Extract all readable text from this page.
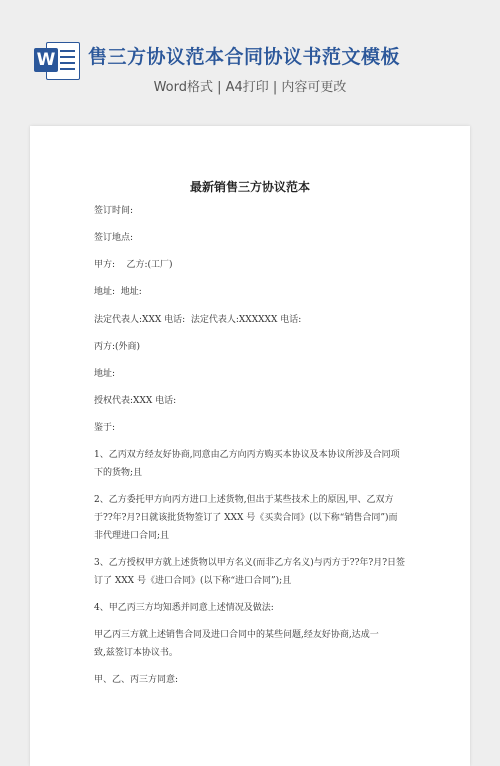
W 售三方协议范本合同协议书范文模板
Word格式 | A4打印 | 内容可更改
最新销售三方协议范本

签订时间:

签订地点:

甲方:    乙方:(工厂)

地址:  地址:

法定代表人:XXX 电话:  法定代表人:XXXXXX 电话:

丙方:(外商)

地址:

授权代表:XXX 电话:

鉴于:

1、乙丙双方经友好协商,同意由乙方向丙方购买本协议及本协议所涉及合同项
下的货物;且

2、乙方委托甲方向丙方进口上述货物,但出于某些技术上的原因,甲、乙双方
于??年?月?日就该批货物签订了 XXX 号《买卖合同》(以下称“销售合同”)而
非代理进口合同;且

3、乙方授权甲方就上述货物以甲方名义(而非乙方名义)与丙方于??年?月?日签
订了 XXX 号《进口合同》(以下称“进口合同”);且

4、甲乙丙三方均知悉并同意上述情况及做法:

甲乙丙三方就上述销售合同及进口合同中的某些问题,经友好协商,达成一
致,兹签订本协议书。

甲、乙、丙三方同意:
